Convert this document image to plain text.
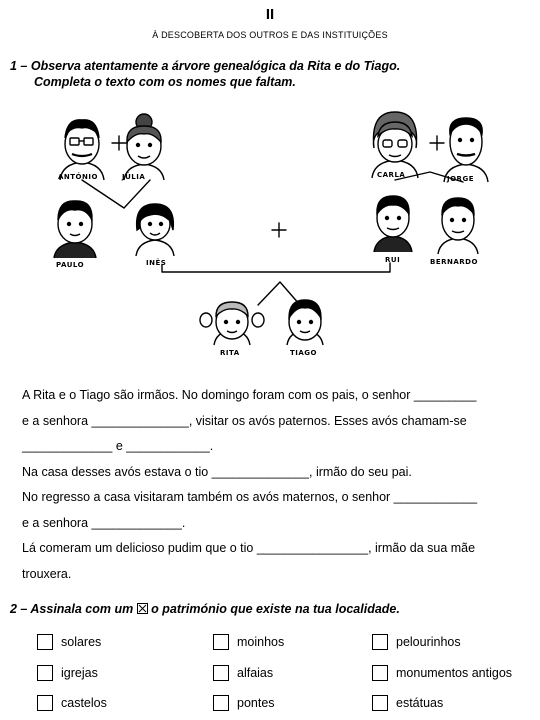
II
À DESCOBERTA DOS OUTROS E DAS INSTITUIÇÕES
1 – Observa atentamente a árvore genealógica da Rita e do Tiago.
Completa o texto com os nomes que faltam.
ANTÓNIO	JÚLIA	CARLA	JORGE
PAULO	INÊS	RUI	BERNARDO
RITA	TIAGO
A Rita e o Tiago são irmãos. No domingo foram com os pais, o senhor _________
e a senhora ______________, visitar os avós paternos. Esses avós chamam-se
_____________ e ____________.
Na casa desses avós estava o tio ______________, irmão do seu pai.
No regresso a casa visitaram também os avós maternos, o senhor ____________
e a senhora _____________.
Lá comeram um delicioso pudim que o tio ________________, irmão da sua mãe
trouxera.
2 – Assinala com um o património que existe na tua localidade.
solares	moinhos	pelourinhos
igrejas	alfaias	monumentos antigos
castelos	pontes	estátuas
